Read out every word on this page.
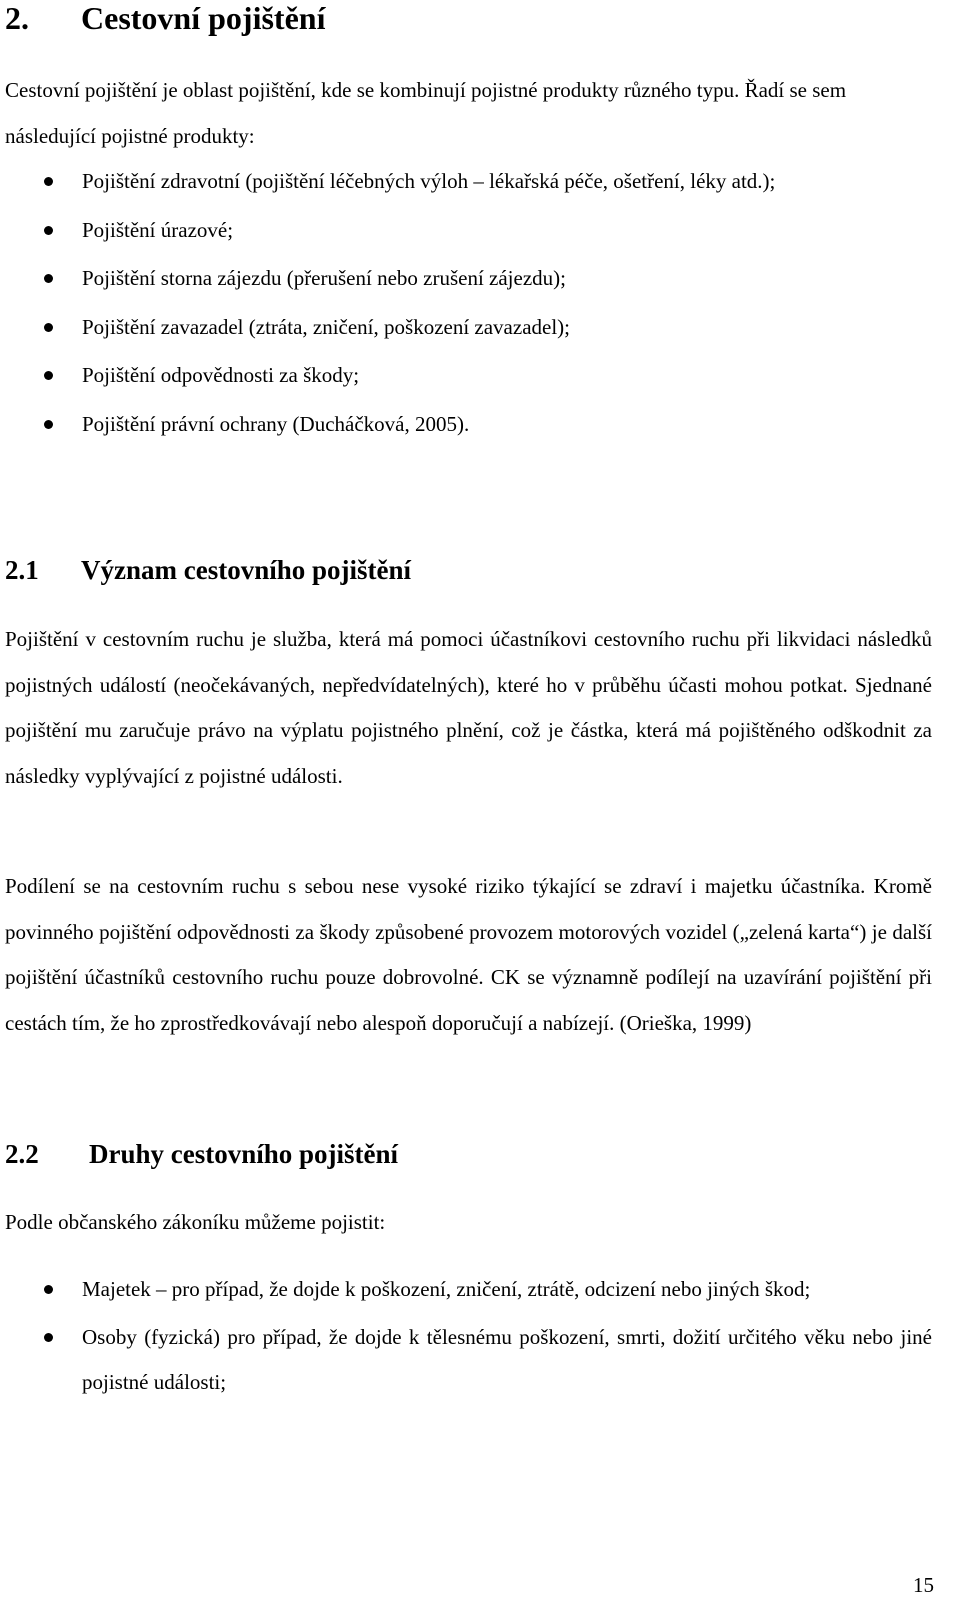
2. Cestovní pojištění

Cestovní pojištění je oblast pojištění, kde se kombinují pojistné produkty různého typu. Řadí se sem následující pojistné produkty:

Pojištění zdravotní (pojištění léčebných výloh – lékařská péče, ošetření, léky atd.);
Pojištění úrazové;
Pojištění storna zájezdu (přerušení nebo zrušení zájezdu);
Pojištění zavazadel (ztráta, zničení, poškození zavazadel);
Pojištění odpovědnosti za škody;
Pojištění právní ochrany (Ducháčková, 2005).
2.1 Význam cestovního pojištění

Pojištění v cestovním ruchu je služba, která má pomoci účastníkovi cestovního ruchu při likvidaci následků pojistných událostí (neočekávaných, nepředvídatelných), které ho v průběhu účasti mohou potkat. Sjednané pojištění mu zaručuje právo na výplatu pojistného plnění, což je částka, která má pojištěného odškodnit za následky vyplývající z pojistné události.

Podílení se na cestovním ruchu s sebou nese vysoké riziko týkající se zdraví i majetku účastníka. Kromě povinného pojištění odpovědnosti za škody způsobené provozem motorových vozidel („zelená karta“) je další pojištění účastníků cestovního ruchu pouze dobrovolné. CK se významně podílejí na uzavírání pojištění při cestách tím, že ho zprostředkovávají nebo alespoň doporučují a nabízejí. (Orieška, 1999)

2.2 Druhy cestovního pojištění

Podle občanského zákoníku můžeme pojistit:

Majetek – pro případ, že dojde k poškození, zničení, ztrátě, odcizení nebo jiných škod;
Osoby (fyzická) pro případ, že dojde k tělesnému poškození, smrti, dožití určitého věku nebo jiné pojistné události;
15
